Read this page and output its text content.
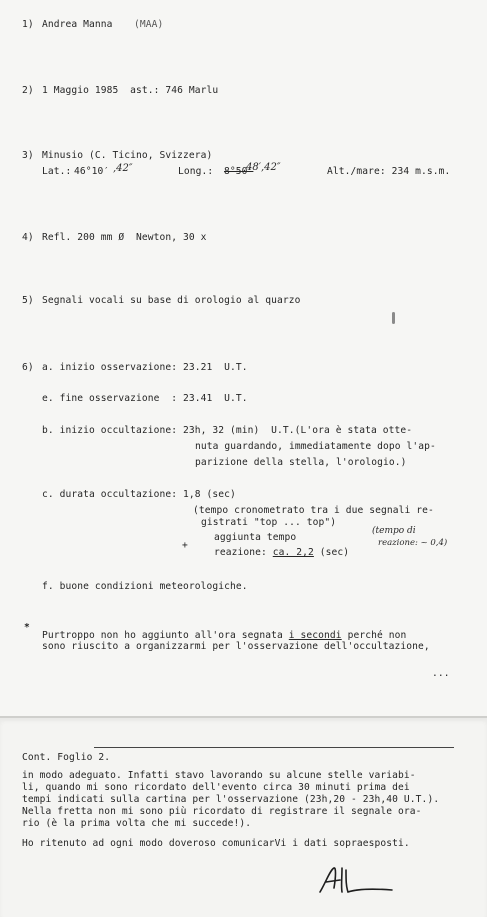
1) Andrea Manna (MAA)
2) 1 Maggio 1985  ast.: 746 Marlu
3) Minusio (C. Ticino, Svizzera)
Lat.: 46°10′ ,42″	Long.: 8°50′
48′,42″	Alt./mare: 234 m.s.m.
4) Refl. 200 mm Ø  Newton, 30 x
5) Segnali vocali su base di orologio al quarzo
6) a. inizio osservazione: 23.21  U.T.
e. fine osservazione  : 23.41  U.T.
b. inizio occultazione: 23h, 32 (min)  U.T.(L'ora è stata otte-
nuta guardando, immediatamente dopo l'ap-
parizione della stella, l'orologio.)
c. durata occultazione: 1,8 (sec)
(tempo cronometrato tra i due segnali re-
gistrati "top ... top")
aggiunta tempo
+
reazione: ca. 2,2 (sec)
(tempo di
reazione: ~ 0,4)
f. buone condizioni meteorologiche.
*
Purtroppo non ho aggiunto all'ora segnata i secondi perché non
sono riuscito a organizzarmi per l'osservazione dell'occultazione,
...
Cont. Foglio 2.
in modo adeguato. Infatti stavo lavorando su alcune stelle variabi-
li, quando mi sono ricordato dell'evento circa 30 minuti prima dei
tempi indicati sulla cartina per l'osservazione (23h,20 - 23h,40 U.T.).
Nella fretta non mi sono più ricordato di registrare il segnale ora-
rio (è la prima volta che mi succede!).
Ho ritenuto ad ogni modo doveroso comunicarVi i dati sopraesposti.
